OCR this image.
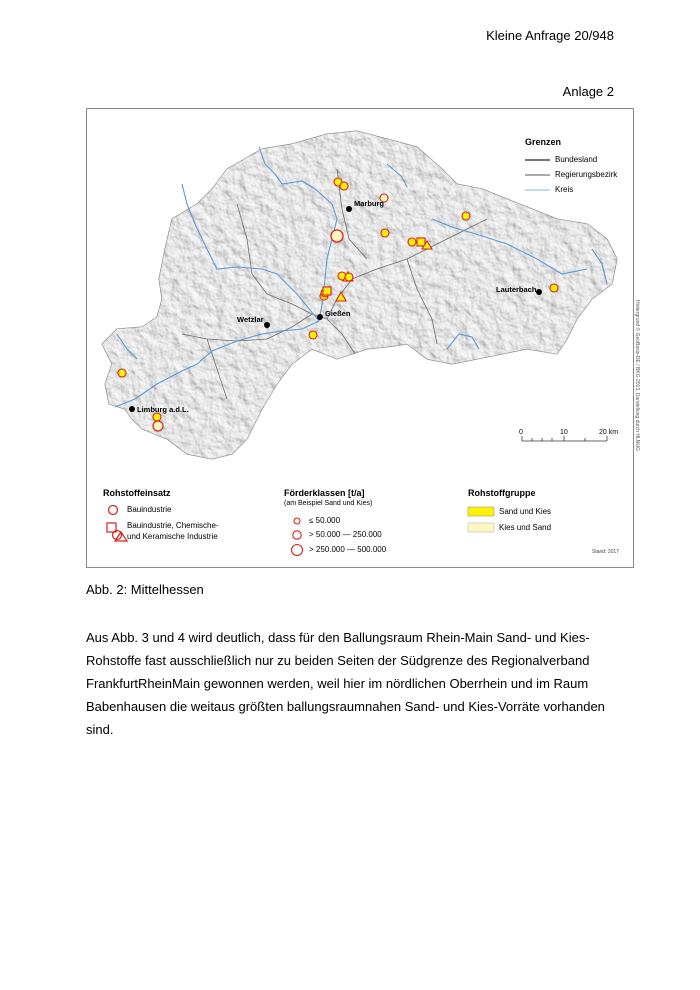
Kleine Anfrage 20/948
Anlage 2
Marburg
Gießen
Wetzlar
Lauterbach
Limburg a.d.L.
Grenzen
Bundesland
Regierungsbezirk
Kreis
0	10	20 km
Rohstoffeinsatz
Bauindustrie
Bauindustrie, Chemische-
und Keramische Industrie
Förderklassen [t/a]
(am Beispiel Sand und Kies)
≤ 50.000
> 50.000 — 250.000
> 250.000 — 500.000
Rohstoffgruppe
Sand und Kies
Kies und Sand
Stand: 2017
Hintergrund © GeoBasis-DE / BKG 2013, Darstellung durch HLNUG
Abb. 2: Mittelhessen
Aus Abb. 3 und 4 wird deutlich, dass für den Ballungsraum Rhein-Main Sand- und Kies-Rohstoffe fast ausschließlich nur zu beiden Seiten der Südgrenze des Regionalverband FrankfurtRheinMain gewonnen werden, weil hier im nördlichen Oberrhein und im Raum Babenhausen die weitaus größten ballungsraumnahen Sand- und Kies-Vorräte vorhanden sind.
